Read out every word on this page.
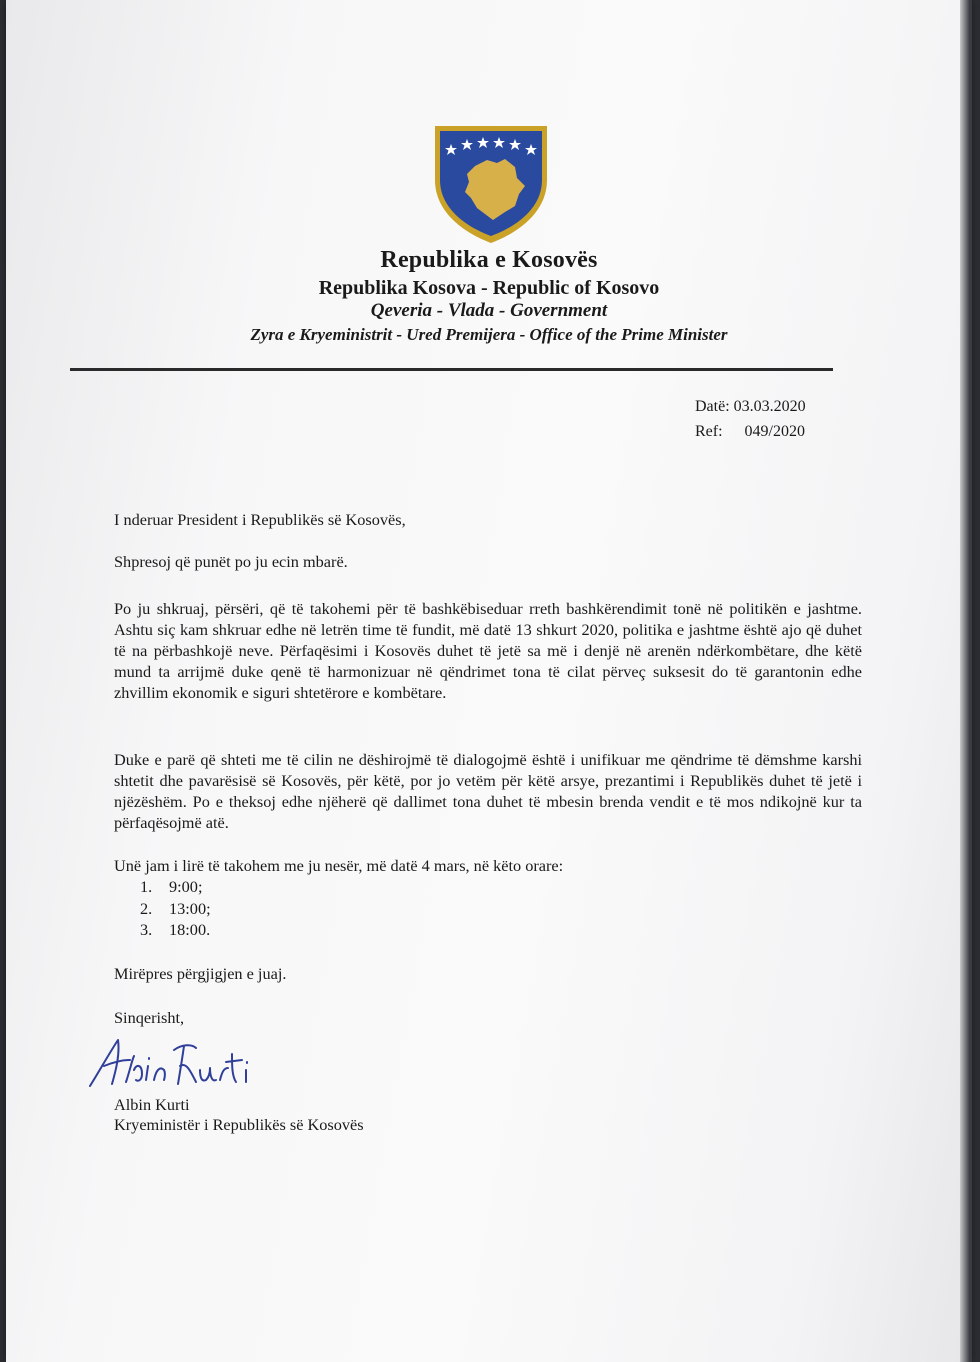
Republika e Kosovës
Republika Kosova - Republic of Kosovo
Qeveria - Vlada - Government
Zyra e Kryeministrit - Ured Premijera - Office of the Prime Minister
Datë: 03.03.2020
Ref: 049/2020
I nderuar President i Republikës së Kosovës,
Shpresoj që punët po ju ecin mbarë.
Po ju shkruaj, përsëri, që të takohemi për të bashkëbiseduar rreth bashkërendimit tonë në politikën e jashtme. Ashtu siç kam shkruar edhe në letrën time të fundit, më datë 13 shkurt 2020, politika e jashtme është ajo që duhet të na përbashkojë neve. Përfaqësimi i Kosovës duhet të jetë sa më i denjë në arenën ndërkombëtare, dhe këtë mund ta arrijmë duke qenë të harmonizuar në qëndrimet tona të cilat përveç suksesit do të garantonin edhe zhvillim ekonomik e siguri shtetërore e kombëtare.
Duke e parë që shteti me të cilin ne dëshirojmë të dialogojmë është i unifikuar me qëndrime të dëmshme karshi shtetit dhe pavarësisë së Kosovës, për këtë, por jo vetëm për këtë arsye, prezantimi i Republikës duhet të jetë i njëzëshëm. Po e theksoj edhe njëherë që dallimet tona duhet të mbesin brenda vendit e të mos ndikojnë kur ta përfaqësojmë atë.
Unë jam i lirë të takohem me ju nesër, më datë 4 mars, në këto orare:
1.	9:00;
2.	13:00;
3.	18:00.
Mirëpres përgjigjen e juaj.
Sinqerisht,
Albin Kurti
Kryeministër i Republikës së Kosovës
